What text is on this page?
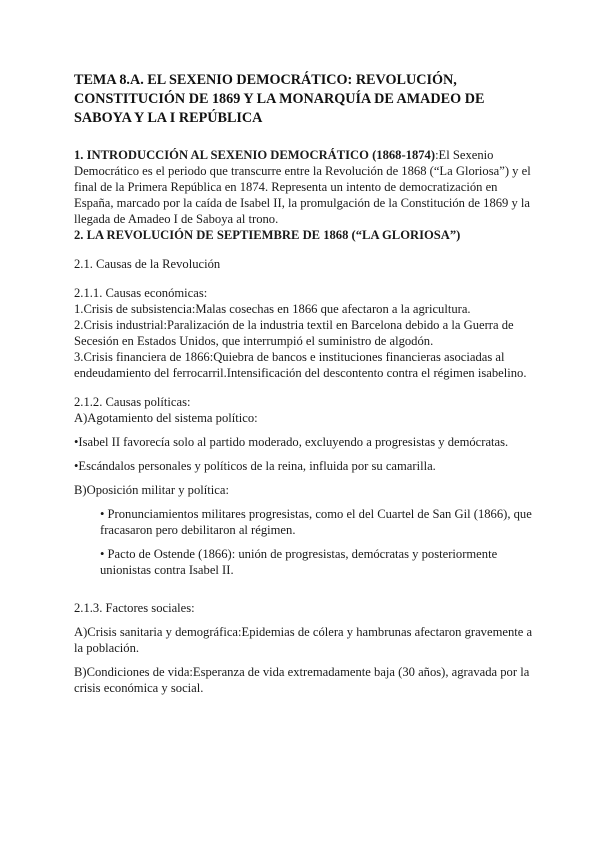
TEMA 8.A. EL SEXENIO DEMOCRÁTICO: REVOLUCIÓN, CONSTITUCIÓN DE 1869 Y LA MONARQUÍA DE AMADEO DE SABOYA Y LA I REPÚBLICA

1. INTRODUCCIÓN AL SEXENIO DEMOCRÁTICO (1868-1874):El Sexenio Democrático es el periodo que transcurre entre la Revolución de 1868 (“La Gloriosa”) y el final de la Primera República en 1874. Representa un intento de democratización en España, marcado por la caída de Isabel II, la promulgación de la Constitución de 1869 y la llegada de Amadeo I de Saboya al trono.

2. LA REVOLUCIÓN DE SEPTIEMBRE DE 1868 (“LA GLORIOSA”)

2.1. Causas de la Revolución

2.1.1. Causas económicas:

1.Crisis de subsistencia:Malas cosechas en 1866 que afectaron a la agricultura.

2.Crisis industrial:Paralización de la industria textil en Barcelona debido a la Guerra de Secesión en Estados Unidos, que interrumpió el suministro de algodón.

3.Crisis financiera de 1866:Quiebra de bancos e instituciones financieras asociadas al endeudamiento del ferrocarril.Intensificación del descontento contra el régimen isabelino.

2.1.2. Causas políticas:

A)Agotamiento del sistema político:

•Isabel II favorecía solo al partido moderado, excluyendo a progresistas y demócratas.

•Escándalos personales y políticos de la reina, influida por su camarilla.

B)Oposición militar y política:

• Pronunciamientos militares progresistas, como el del Cuartel de San Gil (1866), que fracasaron pero debilitaron al régimen.

• Pacto de Ostende (1866): unión de progresistas, demócratas y posteriormente unionistas contra Isabel II.

2.1.3. Factores sociales:

A)Crisis sanitaria y demográfica:Epidemias de cólera y hambrunas afectaron gravemente a la población.

B)Condiciones de vida:Esperanza de vida extremadamente baja (30 años), agravada por la crisis económica y social.
